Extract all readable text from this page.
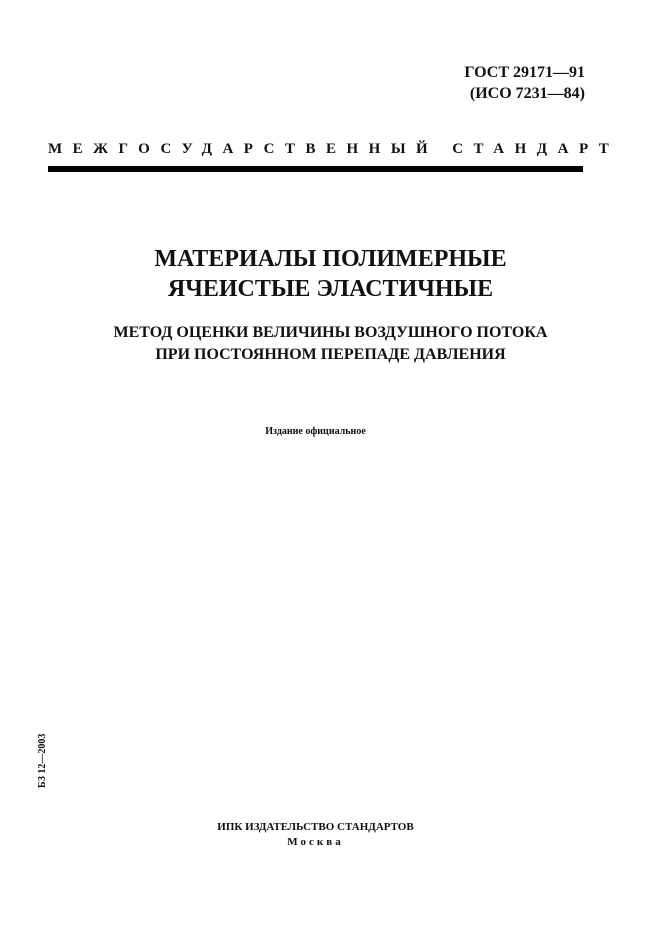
ГОСТ 29171—91
(ИСО 7231—84)
МЕЖГОСУДАРСТВЕННЫЙ СТАНДАРТ
МАТЕРИАЛЫ ПОЛИМЕРНЫЕ
ЯЧЕИСТЫЕ ЭЛАСТИЧНЫЕ
МЕТОД ОЦЕНКИ ВЕЛИЧИНЫ ВОЗДУШНОГО ПОТОКА
ПРИ ПОСТОЯННОМ ПЕРЕПАДЕ ДАВЛЕНИЯ
Издание официальное
БЗ 12—2003
ИПК ИЗДАТЕЛЬСТВО СТАНДАРТОВ
Москва
